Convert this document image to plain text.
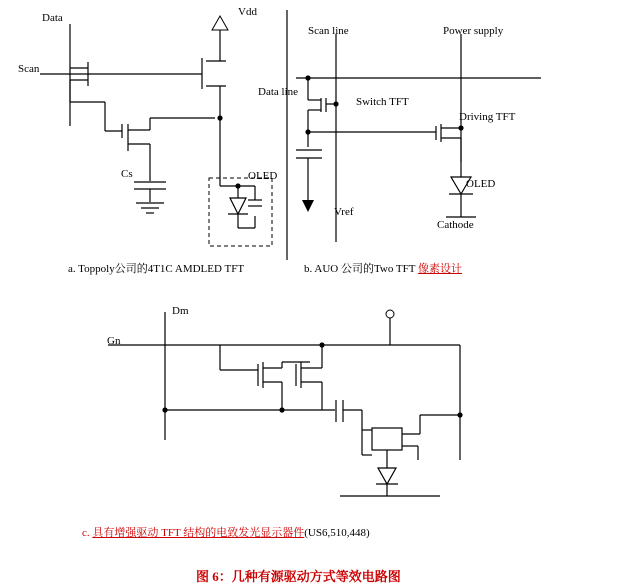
Data	Vdd
Scan
Cs	OLED
a. Toppoly公司的4T1C AMDLED TFT
Scan line	Power supply
Data line
Switch TFT
Driving TFT
Vref
OLED
Cathode
b. AUO 公司的Two TFT 像素设计
Dm
Gn
c. 具有增强驱动 TFT 结构的电致发光显示器件(US6,510,448)
图 6：几种有源驱动方式等效电路图
